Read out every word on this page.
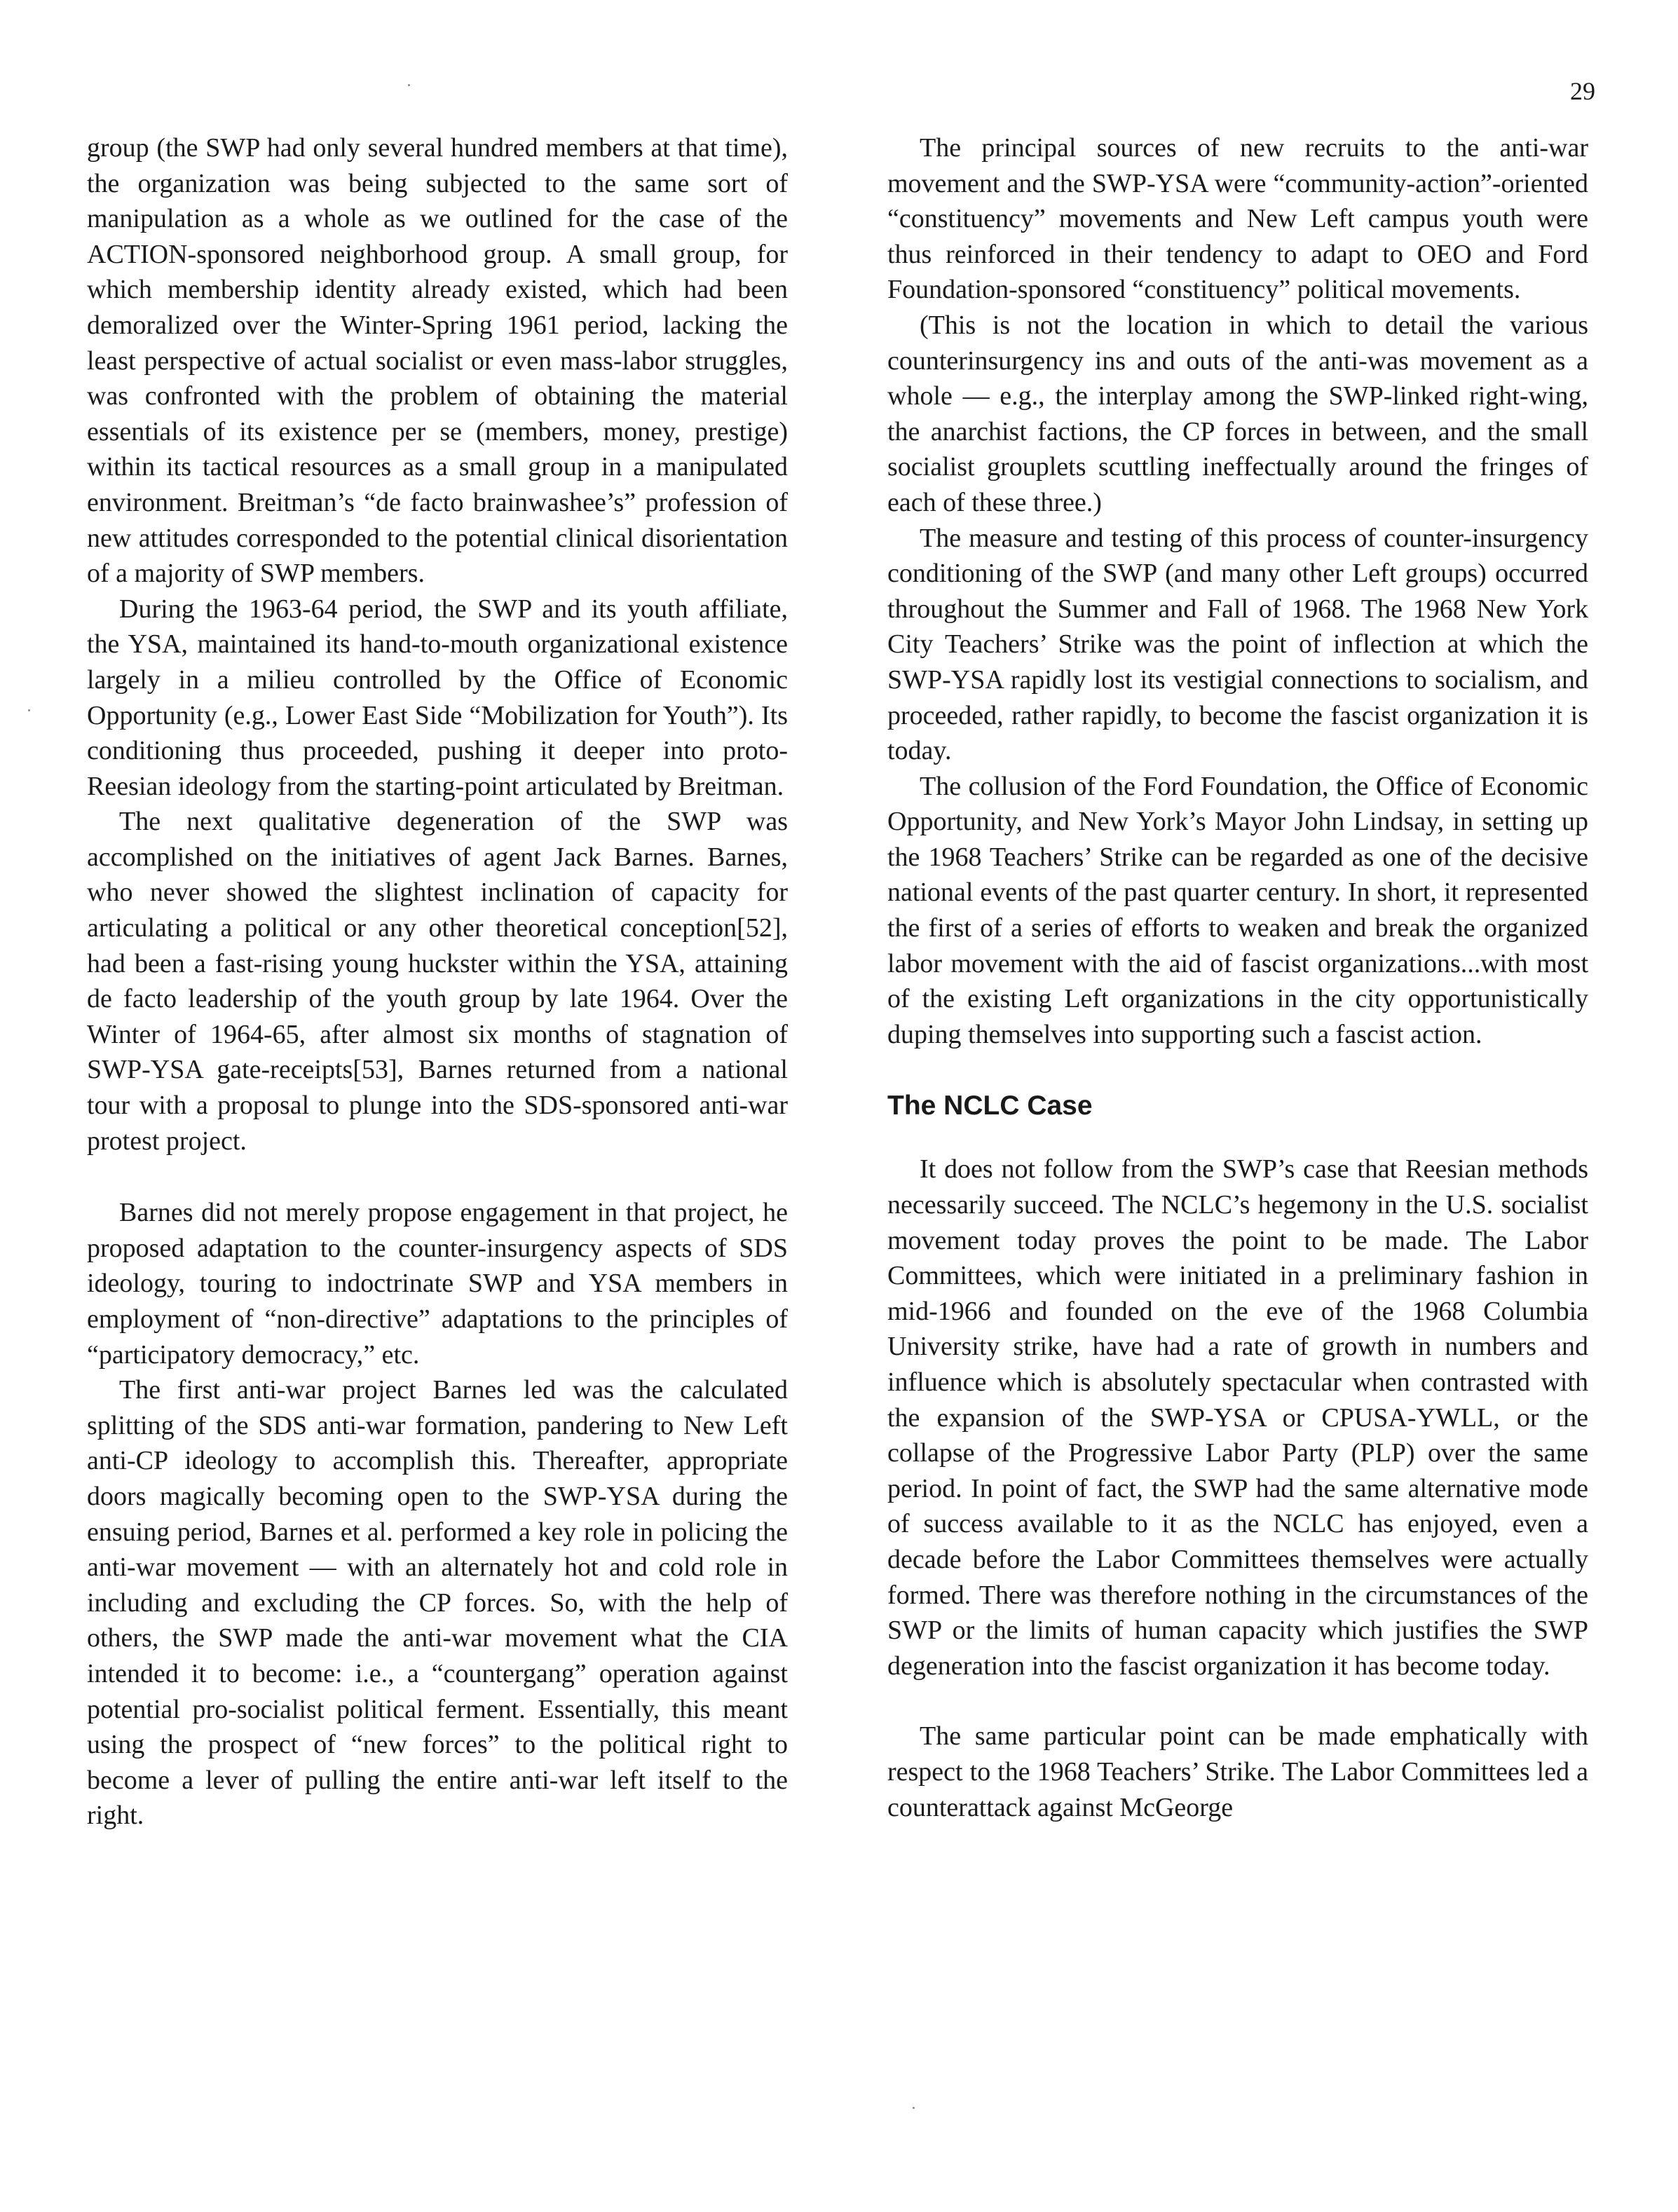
29

group (the SWP had only several hundred members at that time), the organization was being subjected to the same sort of manipulation as a whole as we outlined for the case of the ACTION-sponsored neighborhood group. A small group, for which membership identity already existed, which had been demoralized over the Winter-Spring 1961 period, lacking the least perspective of actual socialist or even mass-labor struggles, was confronted with the problem of obtaining the material essentials of its existence per se (members, money, prestige) within its tactical resources as a small group in a manipulated environment. Breitman’s “de facto brainwashee’s” profession of new attitudes corresponded to the potential clinical disorientation of a majority of SWP members.

During the 1963-64 period, the SWP and its youth affiliate, the YSA, maintained its hand-to-mouth organizational existence largely in a milieu controlled by the Office of Economic Opportunity (e.g., Lower East Side “Mobilization for Youth”). Its conditioning thus proceeded, pushing it deeper into proto-Reesian ideology from the starting-point articulated by Breitman.

The next qualitative degeneration of the SWP was accomplished on the initiatives of agent Jack Barnes. Barnes, who never showed the slightest inclination of capacity for articulating a political or any other theoretical conception[52], had been a fast-rising young huckster within the YSA, attaining de facto leadership of the youth group by late 1964. Over the Winter of 1964-65, after almost six months of stagnation of SWP-YSA gate-receipts[53], Barnes returned from a national tour with a proposal to plunge into the SDS-sponsored anti-war protest project.

Barnes did not merely propose engagement in that project, he proposed adaptation to the counter-insurgency aspects of SDS ideology, touring to indoctrinate SWP and YSA members in employment of “non-directive” adaptations to the principles of “participatory democracy,” etc.

The first anti-war project Barnes led was the calculated splitting of the SDS anti-war formation, pandering to New Left anti-CP ideology to accomplish this. Thereafter, appropriate doors magically becoming open to the SWP-YSA during the ensuing period, Barnes et al. performed a key role in policing the anti-war movement — with an alternately hot and cold role in including and excluding the CP forces. So, with the help of others, the SWP made the anti-war movement what the CIA intended it to become: i.e., a “countergang” operation against potential pro-socialist political ferment. Essentially, this meant using the prospect of “new forces” to the political right to become a lever of pulling the entire anti-war left itself to the right.

The principal sources of new recruits to the anti-war movement and the SWP-YSA were “community-action”-oriented “constituency” movements and New Left campus youth were thus reinforced in their tendency to adapt to OEO and Ford Foundation-sponsored “constituency” political movements.

(This is not the location in which to detail the various counterinsurgency ins and outs of the anti-was movement as a whole — e.g., the interplay among the SWP-linked right-wing, the anarchist factions, the CP forces in between, and the small socialist grouplets scuttling ineffectually around the fringes of each of these three.)

The measure and testing of this process of counter-insurgency conditioning of the SWP (and many other Left groups) occurred throughout the Summer and Fall of 1968. The 1968 New York City Teachers’ Strike was the point of inflection at which the SWP-YSA rapidly lost its vestigial connections to socialism, and proceeded, rather rapidly, to become the fascist organization it is today.

The collusion of the Ford Foundation, the Office of Economic Opportunity, and New York’s Mayor John Lindsay, in setting up the 1968 Teachers’ Strike can be regarded as one of the decisive national events of the past quarter century. In short, it represented the first of a series of efforts to weaken and break the organized labor movement with the aid of fascist organizations...with most of the existing Left organizations in the city opportunistically duping themselves into supporting such a fascist action.

The NCLC Case

It does not follow from the SWP’s case that Reesian methods necessarily succeed. The NCLC’s hegemony in the U.S. socialist movement today proves the point to be made. The Labor Committees, which were initiated in a preliminary fashion in mid-1966 and founded on the eve of the 1968 Columbia University strike, have had a rate of growth in numbers and influence which is absolutely spectacular when contrasted with the expansion of the SWP-YSA or CPUSA-YWLL, or the collapse of the Progressive Labor Party (PLP) over the same period. In point of fact, the SWP had the same alternative mode of success available to it as the NCLC has enjoyed, even a decade before the Labor Committees themselves were actually formed. There was therefore nothing in the circumstances of the SWP or the limits of human capacity which justifies the SWP degeneration into the fascist organization it has become today.

The same particular point can be made emphatically with respect to the 1968 Teachers’ Strike. The Labor Committees led a counterattack against McGeorge
